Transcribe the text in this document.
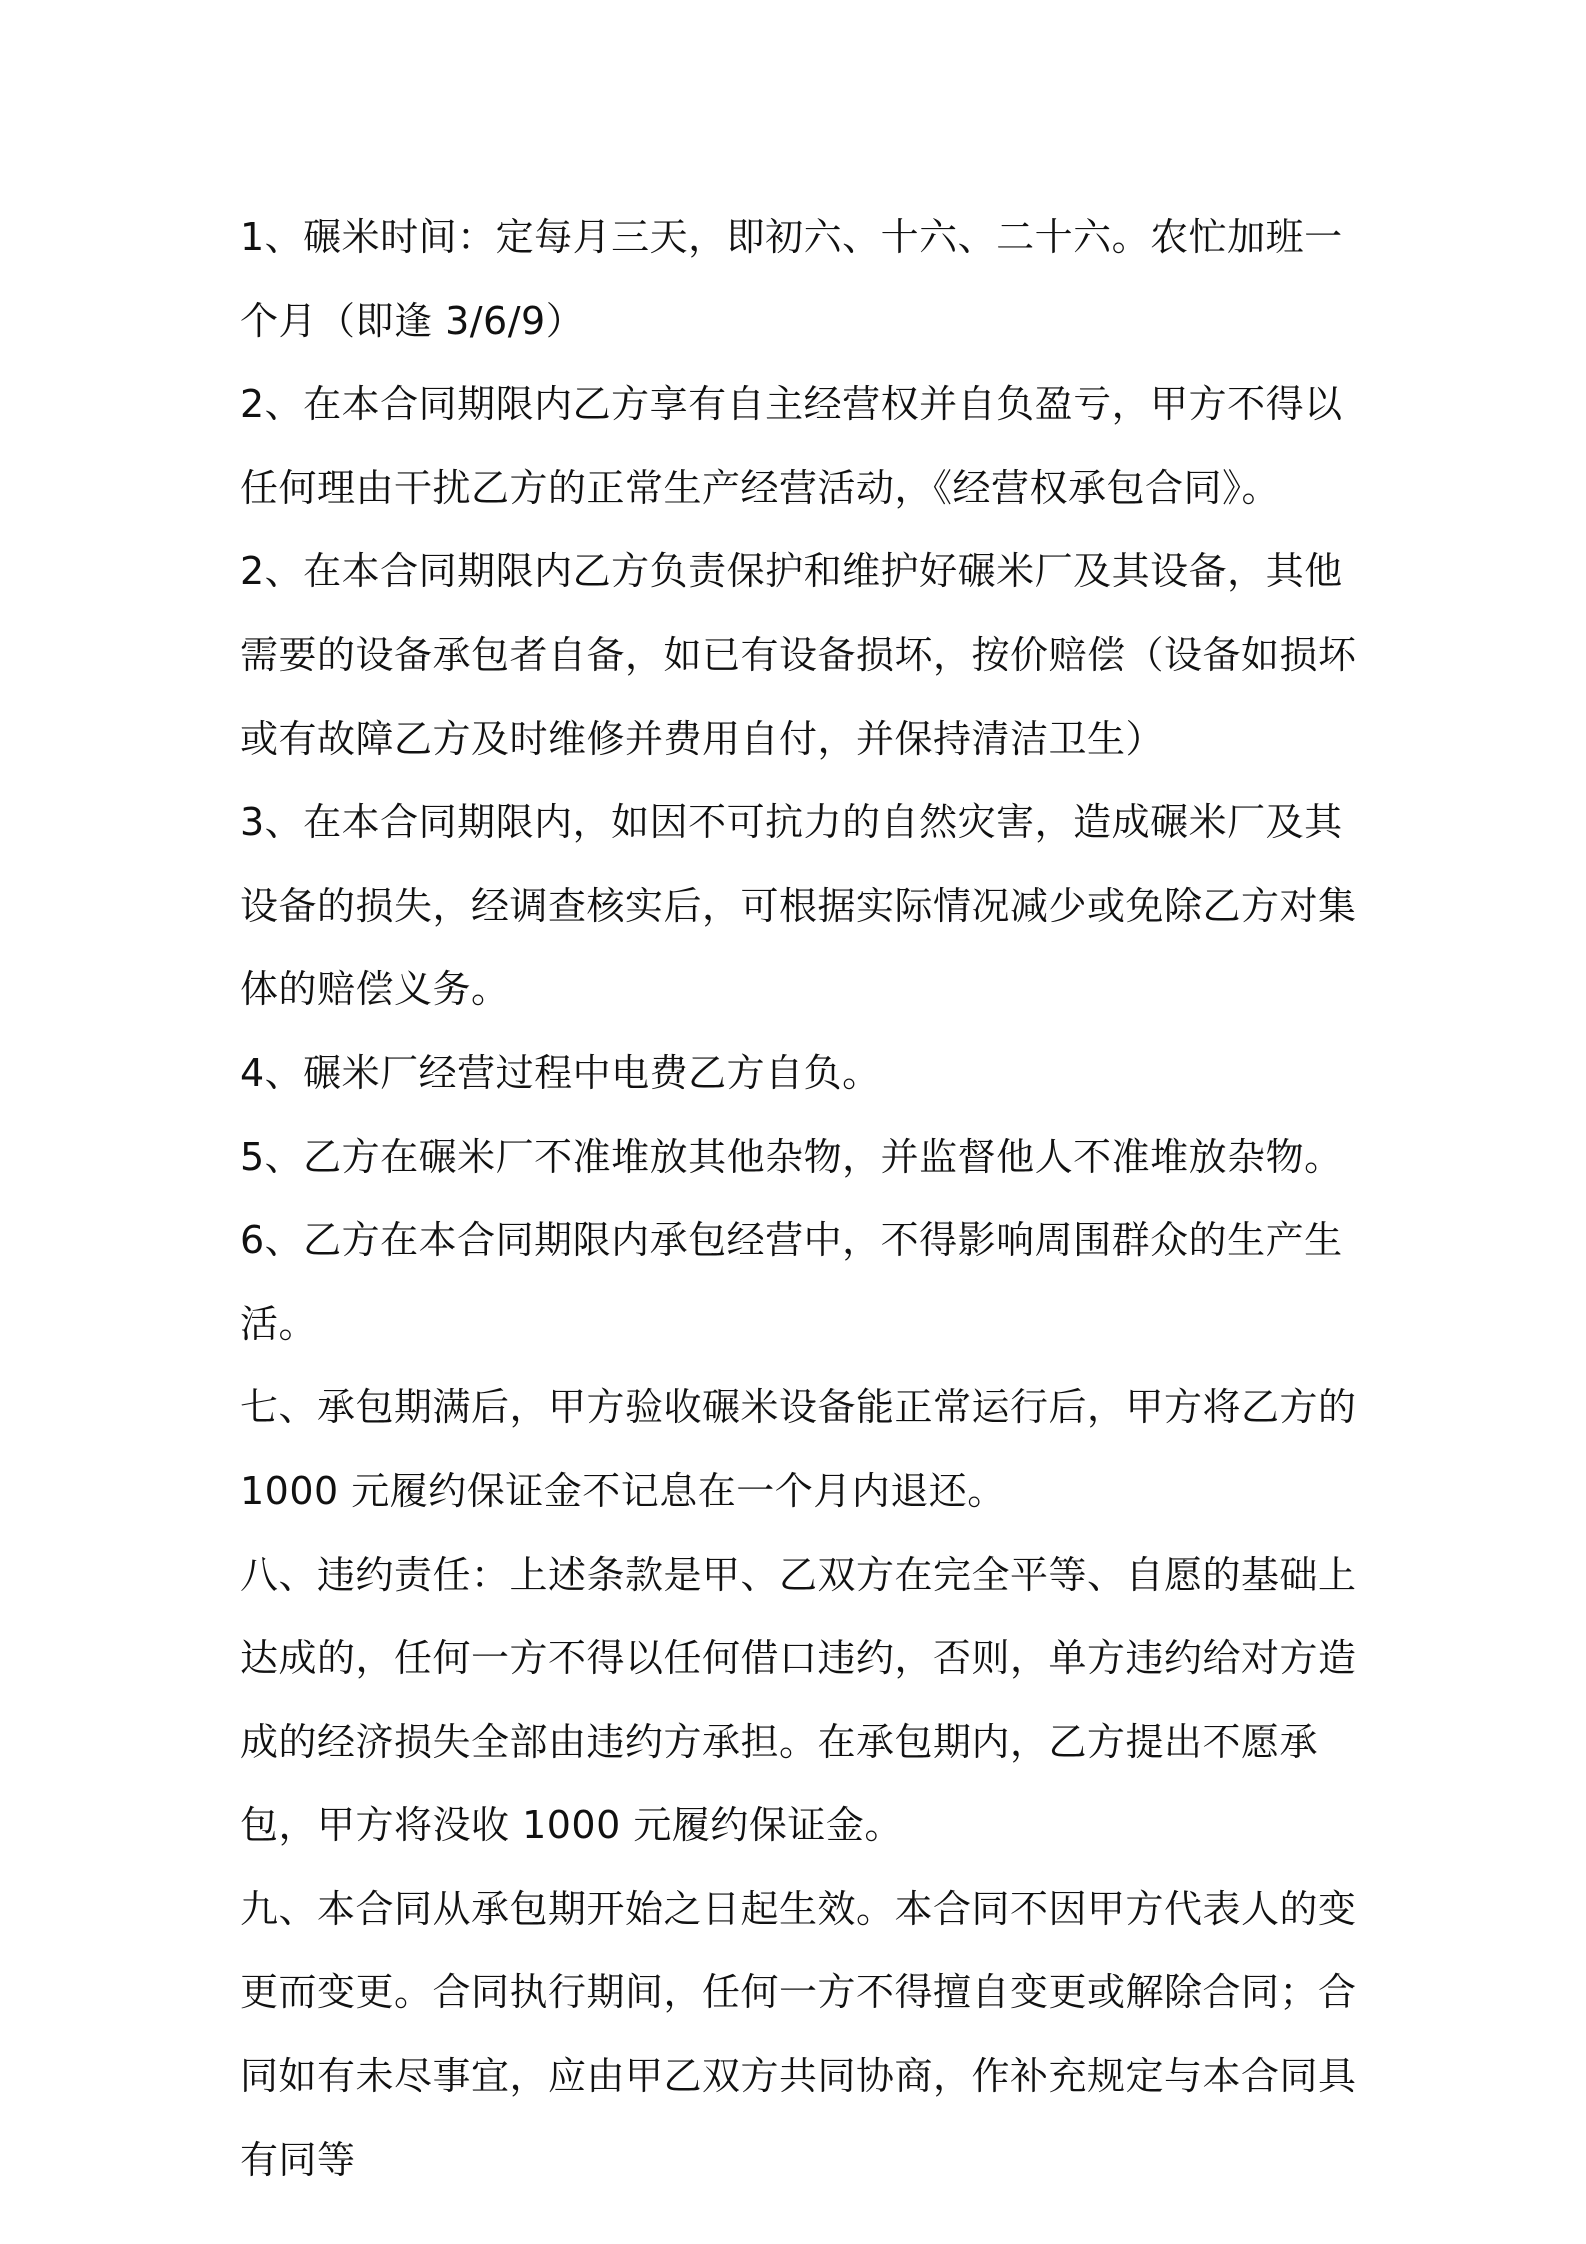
1、碾米时间：定每月三天，即初六、十六、二十六。农忙加班一个月（即逢 3/6/9）

2、在本合同期限内乙方享有自主经营权并自负盈亏，甲方不得以任何理由干扰乙方的正常生产经营活动，《经营权承包合同》。

2、在本合同期限内乙方负责保护和维护好碾米厂及其设备，其他需要的设备承包者自备，如已有设备损坏，按价赔偿（设备如损坏或有故障乙方及时维修并费用自付，并保持清洁卫生）

3、在本合同期限内，如因不可抗力的自然灾害，造成碾米厂及其设备的损失，经调查核实后，可根据实际情况减少或免除乙方对集体的赔偿义务。

4、碾米厂经营过程中电费乙方自负。

5、乙方在碾米厂不准堆放其他杂物，并监督他人不准堆放杂物。

6、乙方在本合同期限内承包经营中，不得影响周围群众的生产生活。

七、承包期满后，甲方验收碾米设备能正常运行后，甲方将乙方的1000 元履约保证金不记息在一个月内退还。

八、违约责任：上述条款是甲、乙双方在完全平等、自愿的基础上达成的，任何一方不得以任何借口违约，否则，单方违约给对方造成的经济损失全部由违约方承担。在承包期内，乙方提出不愿承包，甲方将没收 1000 元履约保证金。

九、本合同从承包期开始之日起生效。本合同不因甲方代表人的变更而变更。合同执行期间，任何一方不得擅自变更或解除合同；合同如有未尽事宜，应由甲乙双方共同协商，作补充规定与本合同具有同等
